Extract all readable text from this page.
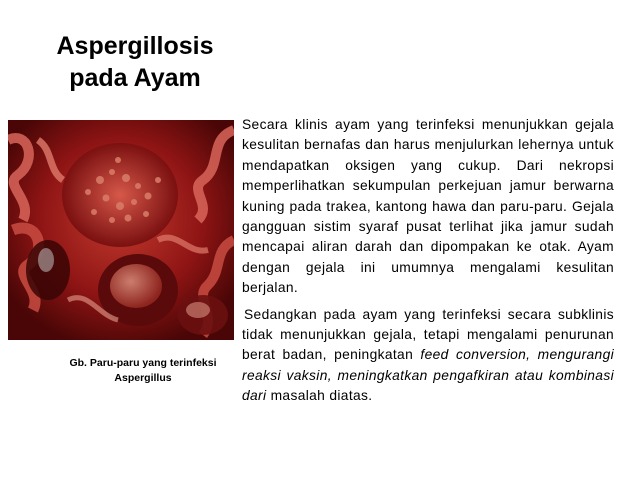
Aspergillosis
pada Ayam
Gb. Paru-paru yang terinfeksi
Aspergillus

Secara klinis ayam yang terinfeksi menunjukkan gejala kesulitan bernafas dan harus menjulurkan lehernya untuk mendapatkan oksigen yang cukup. Dari nekropsi memperlihatkan sekumpulan perkejuan jamur berwarna kuning pada trakea, kantong hawa dan paru-paru. Gejala gangguan sistim syaraf pusat terlihat jika jamur sudah mencapai aliran darah dan dipompakan ke otak. Ayam dengan gejala ini umumnya mengalami kesulitan berjalan.

Sedangkan pada ayam yang terinfeksi secara subklinis tidak menunjukkan gejala, tetapi mengalami penurunan berat badan, peningkatan feed conversion, mengurangi reaksi vaksin, meningkatkan pengafkiran atau kombinasi dari masalah diatas.
